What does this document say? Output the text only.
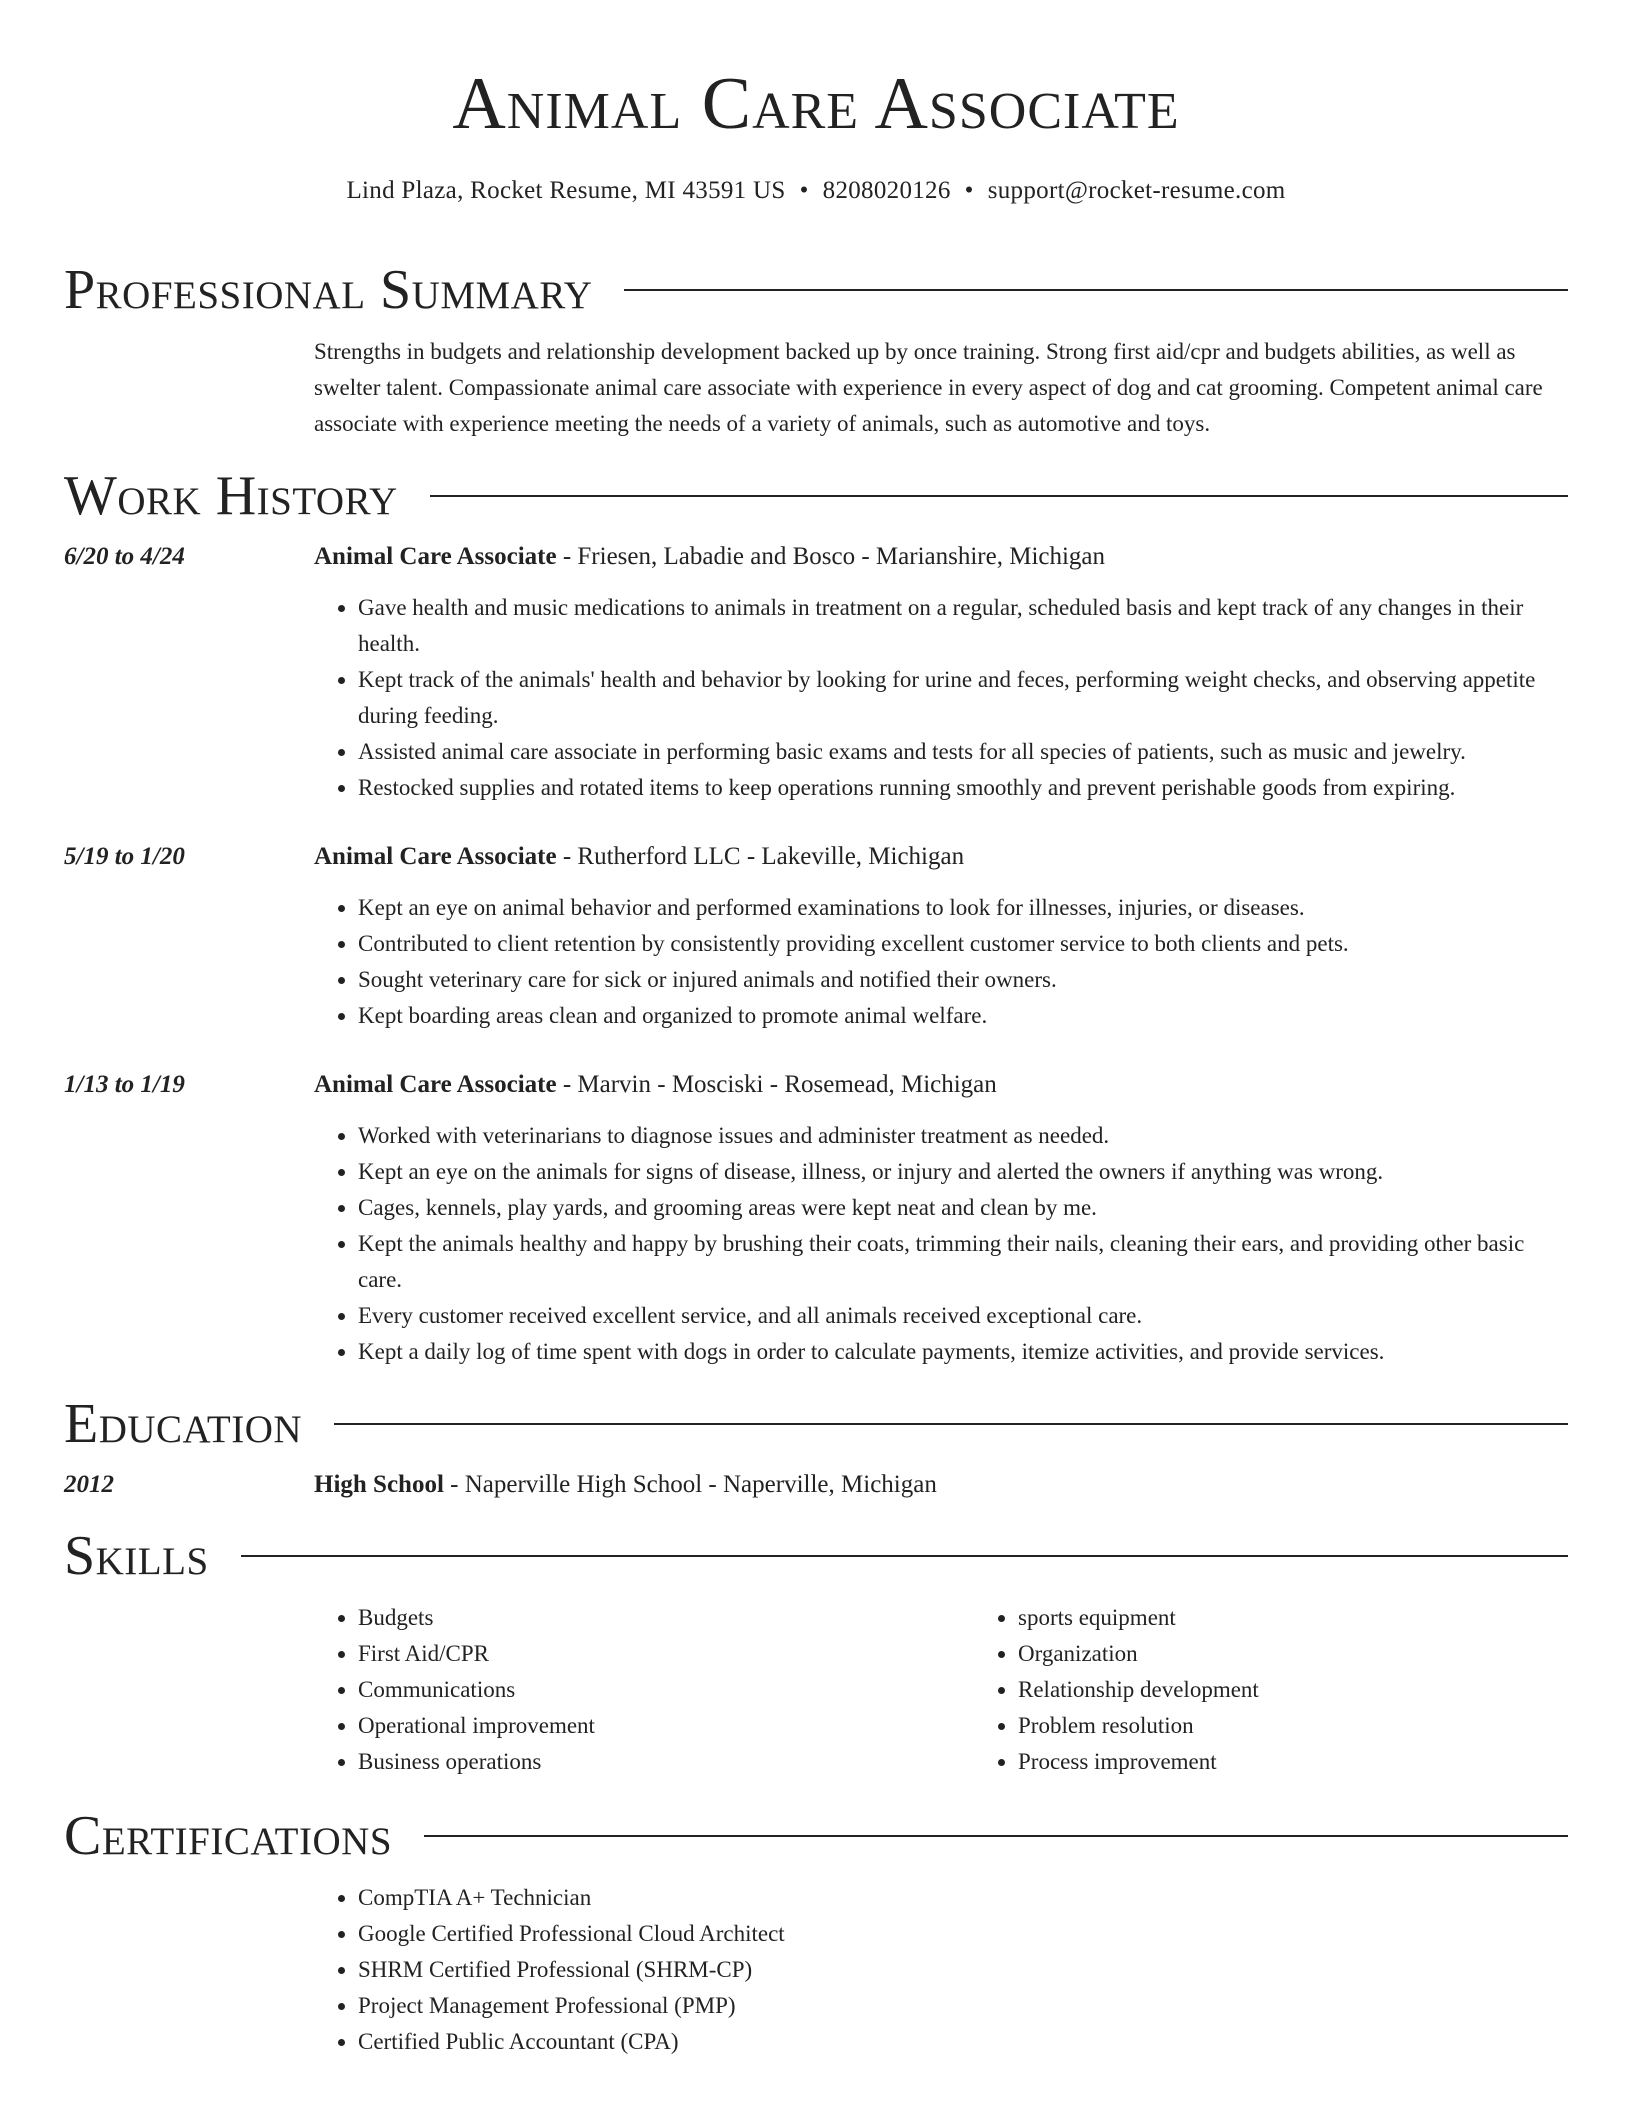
Animal Care Associate
Lind Plaza, Rocket Resume, MI 43591 US • 8208020126 • support@rocket-resume.com
Professional Summary
Strengths in budgets and relationship development backed up by once training. Strong first aid/cpr and budgets abilities, as well as swelter talent. Compassionate animal care associate with experience in every aspect of dog and cat grooming. Competent animal care associate with experience meeting the needs of a variety of animals, such as automotive and toys.
Work History
6/20 to 4/24	Animal Care Associate - Friesen, Labadie and Bosco - Marianshire, Michigan
• Gave health and music medications to animals in treatment on a regular, scheduled basis and kept track of any changes in their health.
• Kept track of the animals' health and behavior by looking for urine and feces, performing weight checks, and observing appetite during feeding.
• Assisted animal care associate in performing basic exams and tests for all species of patients, such as music and jewelry.
• Restocked supplies and rotated items to keep operations running smoothly and prevent perishable goods from expiring.
5/19 to 1/20	Animal Care Associate - Rutherford LLC - Lakeville, Michigan
• Kept an eye on animal behavior and performed examinations to look for illnesses, injuries, or diseases.
• Contributed to client retention by consistently providing excellent customer service to both clients and pets.
• Sought veterinary care for sick or injured animals and notified their owners.
• Kept boarding areas clean and organized to promote animal welfare.
1/13 to 1/19	Animal Care Associate - Marvin - Mosciski - Rosemead, Michigan
• Worked with veterinarians to diagnose issues and administer treatment as needed.
• Kept an eye on the animals for signs of disease, illness, or injury and alerted the owners if anything was wrong.
• Cages, kennels, play yards, and grooming areas were kept neat and clean by me.
• Kept the animals healthy and happy by brushing their coats, trimming their nails, cleaning their ears, and providing other basic care.
• Every customer received excellent service, and all animals received exceptional care.
• Kept a daily log of time spent with dogs in order to calculate payments, itemize activities, and provide services.
Education
2012	High School - Naperville High School - Naperville, Michigan
Skills
• Budgets
• First Aid/CPR
• Communications
• Operational improvement
• Business operations
• sports equipment
• Organization
• Relationship development
• Problem resolution
• Process improvement
Certifications
• CompTIA A+ Technician
• Google Certified Professional Cloud Architect
• SHRM Certified Professional (SHRM-CP)
• Project Management Professional (PMP)
• Certified Public Accountant (CPA)
